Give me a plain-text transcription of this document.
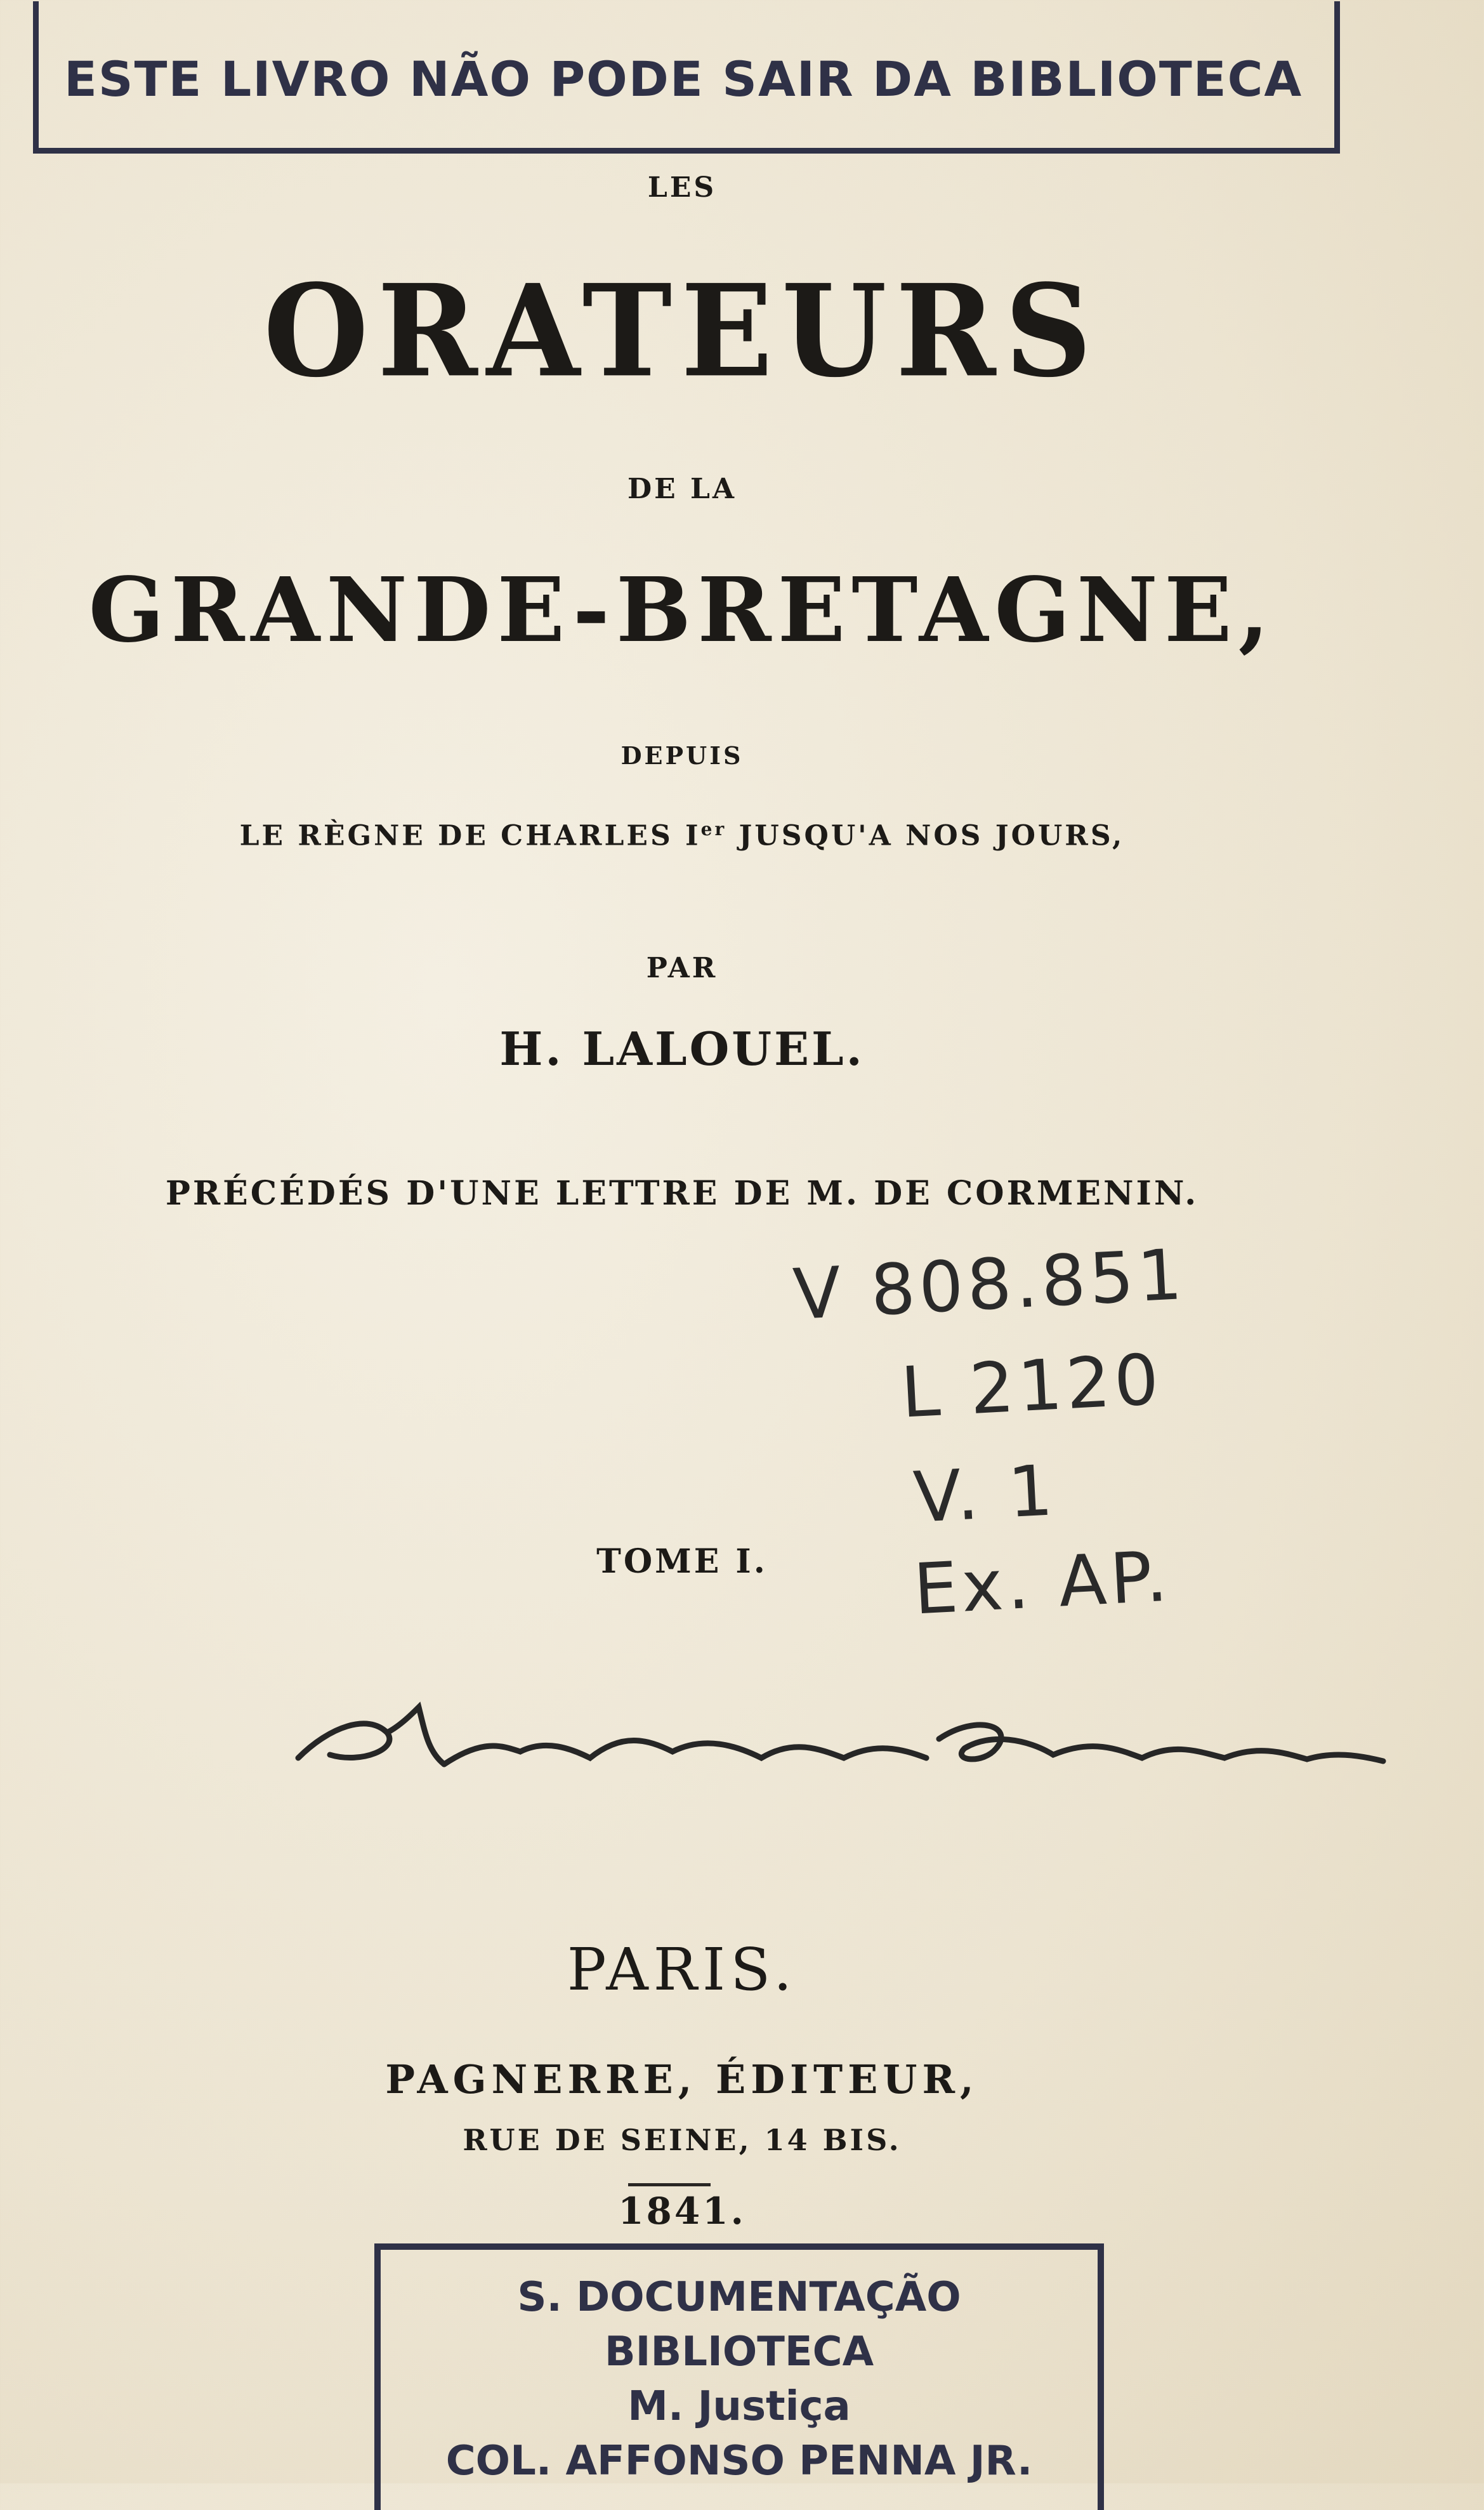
ESTE LIVRO NÃO PODE SAIR DA BIBLIOTECA
LES
ORATEURS
DE LA
GRANDE-BRETAGNE,
DEPUIS
LE RÈGNE DE CHARLES Ier JUSQU'A NOS JOURS,
PAR
H. LALOUEL.
PRÉCÉDÉS D'UNE LETTRE DE M. DE CORMENIN.
V 808.851
L 2120
V. 1
Ex. AP.
TOME I.
PARIS.
PAGNERRE, ÉDITEUR,
RUE DE SEINE, 14 BIS.
1841.
S. DOCUMENTAÇÃO
BIBLIOTECA
M. Justiça
COL. AFFONSO PENNA JR.
